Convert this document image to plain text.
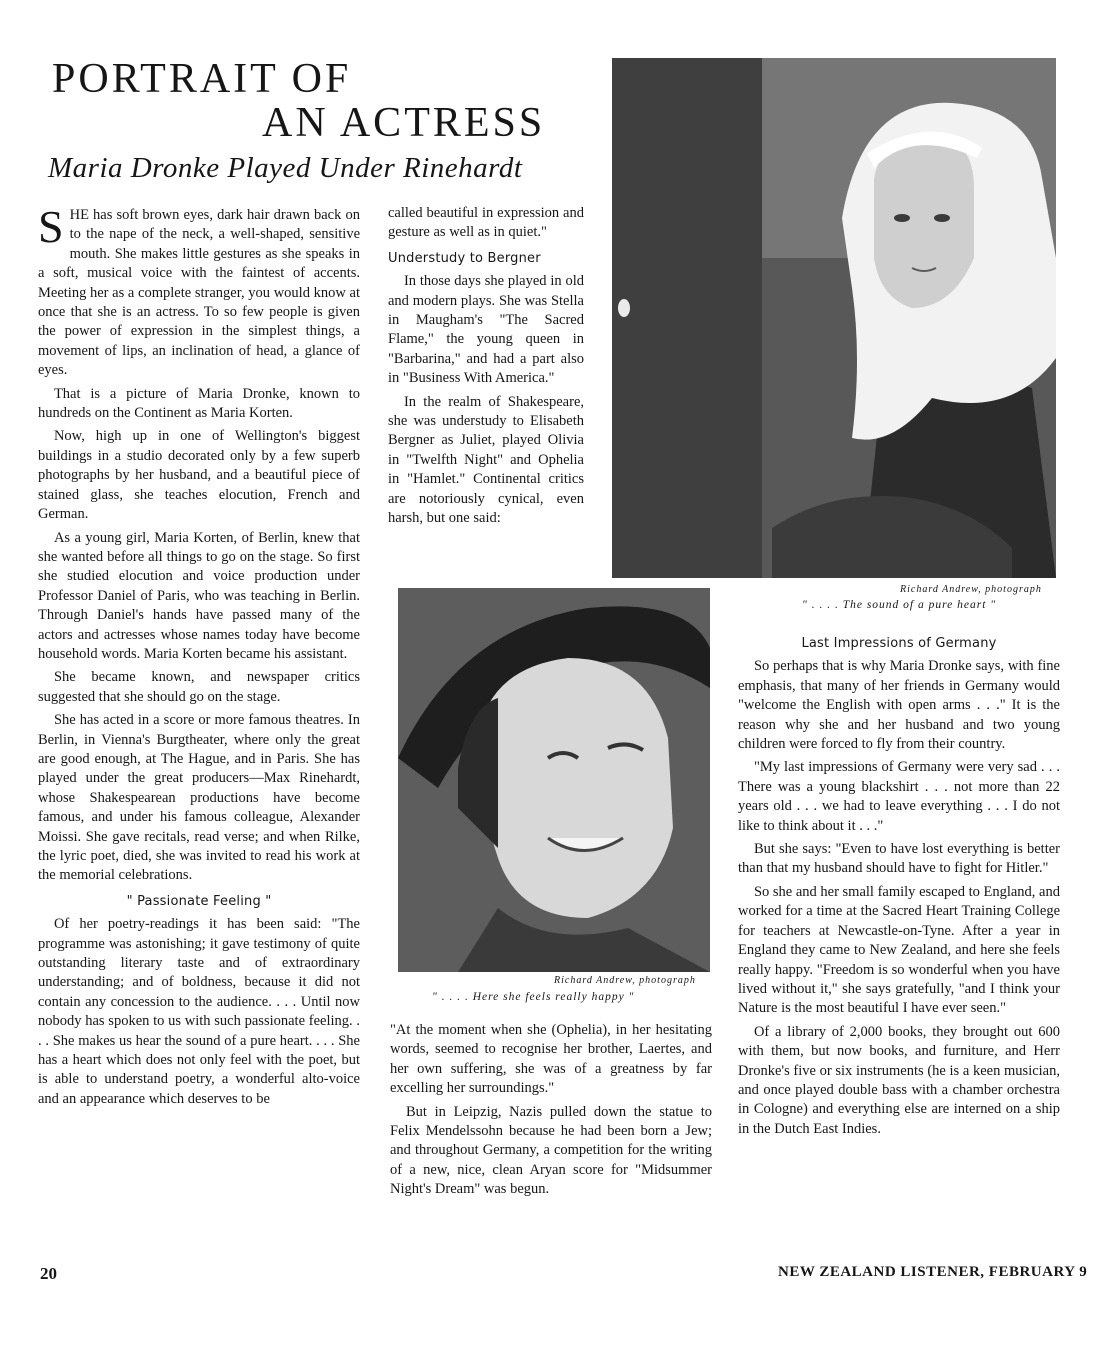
PORTRAIT OF
AN ACTRESS
Maria Dronke Played Under Rinehardt

SHE has soft brown eyes, dark hair drawn back on to the nape of the neck, a well-shaped, sensitive mouth. She makes little gestures as she speaks in a soft, musical voice with the faintest of accents. Meeting her as a complete stranger, you would know at once that she is an actress. To so few people is given the power of expression in the simplest things, a movement of lips, an inclination of head, a glance of eyes.

That is a picture of Maria Dronke, known to hundreds on the Continent as Maria Korten.

Now, high up in one of Wellington's biggest buildings in a studio decorated only by a few superb photographs by her husband, and a beautiful piece of stained glass, she teaches elocution, French and German.

As a young girl, Maria Korten, of Berlin, knew that she wanted before all things to go on the stage. So first she studied elocution and voice production under Professor Daniel of Paris, who was teaching in Berlin. Through Daniel's hands have passed many of the actors and actresses whose names today have become household words. Maria Korten became his assistant.

She became known, and newspaper critics suggested that she should go on the stage.

She has acted in a score or more famous theatres. In Berlin, in Vienna's Burgtheater, where only the great are good enough, at The Hague, and in Paris. She has played under the great producers—Max Rinehardt, whose Shakespearean productions have become famous, and under his famous colleague, Alexander Moissi. She gave recitals, read verse; and when Rilke, the lyric poet, died, she was invited to read his work at the memorial celebrations.

" Passionate Feeling "

Of her poetry-readings it has been said: "The programme was astonishing; it gave testimony of quite outstanding literary taste and of extraordinary understanding; and of boldness, because it did not contain any concession to the audience. . . . Until now nobody has spoken to us with such passionate feeling. . . . She makes us hear the sound of a pure heart. . . . She has a heart which does not only feel with the poet, but is able to understand poetry, a wonderful alto-voice and an appearance which deserves to be

called beautiful in expression and gesture as well as in quiet."

Understudy to Bergner

In those days she played in old and modern plays. She was Stella in Maugham's "The Sacred Flame," the young queen in "Barbarina," and had a part also in "Business With America."

In the realm of Shakespeare, she was understudy to Elisabeth Bergner as Juliet, played Olivia in "Twelfth Night" and Ophelia in "Hamlet." Continental critics are notoriously cynical, even harsh, but one said:

Richard Andrew, photograph
" . . . . The sound of a pure heart "
Richard Andrew, photograph
" . . . . Here she feels really happy "

"At the moment when she (Ophelia), in her hesitating words, seemed to recognise her brother, Laertes, and her own suffering, she was of a greatness by far excelling her surroundings."

But in Leipzig, Nazis pulled down the statue to Felix Mendelssohn because he had been born a Jew; and throughout Germany, a competition for the writing of a new, nice, clean Aryan score for "Midsummer Night's Dream" was begun.

Last Impressions of Germany

So perhaps that is why Maria Dronke says, with fine emphasis, that many of her friends in Germany would "welcome the English with open arms . . ." It is the reason why she and her husband and two young children were forced to fly from their country.

"My last impressions of Germany were very sad . . . There was a young blackshirt . . . not more than 22 years old . . . we had to leave everything . . . I do not like to think about it . . ."

But she says: "Even to have lost everything is better than that my husband should have to fight for Hitler."

So she and her small family escaped to England, and worked for a time at the Sacred Heart Training College for teachers at Newcastle-on-Tyne. After a year in England they came to New Zealand, and here she feels really happy. "Freedom is so wonderful when you have lived without it," she says gratefully, "and I think your Nature is the most beautiful I have ever seen."

Of a library of 2,000 books, they brought out 600 with them, but now books, and furniture, and Herr Dronke's five or six instruments (he is a keen musician, and once played double bass with a chamber orchestra in Cologne) and everything else are interned on a ship in the Dutch East Indies.

20	NEW ZEALAND LISTENER, FEBRUARY 9
